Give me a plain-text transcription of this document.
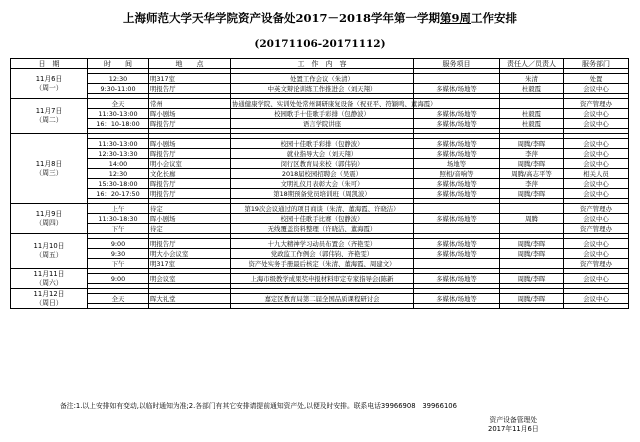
上海师范大学天华学院资产设备处2017－2018学年第一学期第9周工作安排
(20171106-20171112)
日　期	时　　间	地　　点	工　作　内　容	服务项目	责任人／员责人	服务部门
11月6日
（周一）						
	12:30	明317室	处置工作会议（朱清）		朱清	处置
	9:30-11:00	明报告厅	中英文辩论训练工作推进会（刘天翔）	多媒体/场地等	杜毅霞	会议中心

11月7日
（周二）	全天	常州	协通健康学院、实训处处常州调研康复设备（祝亚平、符颖鸣、董海霞）			资产管理办
	11:30-13:00	晖小剧场	校园歌手十佳歌手彩排（包静波）	多媒体/场地等	杜毅霞	会议中心
	16：10-18:00	晖报告厅	语言学院讲座	多媒体/场地等	杜毅霞	会议中心

11月8日
（周三）						
	11:30-13:00	晖小剧场	校园十佳歌手彩排（包静波）	多媒体/场地等	周腾/李晖	会议中心
	12:30-13:30	晖报告厅	就业指导大会（刘天翔）	多媒体/场地等	李萍	会议中心
	14:00	明小会议室	闵行区教育局来校（郭伟钧）	场地等	周腾/李晖	会议中心
	12:30	文化长廊	2018届校园招聘会（吴震）	照相/音响等	周腾/高志平等	相关人员
	15:30-18:00	晖报告厅	文明礼仪月表彰大会（朱可）	多媒体/场地等	李萍	会议中心
	16：20-17:50	明报告厅	第18期预备党员培训班（周凯波）	多媒体/场地等	周腾/李晖	会议中心

11月9日
（周四）	上午	待定	第19次会议通过的项目商谈（朱清、董海霞、许晓洁）			资产管理办
	11:30-18:30	晖小剧场	校园十佳歌手比赛（包静波）	多媒体/场地等	周腾	会议中心
	下午	待定	无线覆盖资料整理（许晓洁、董海霞）			资产管理办
11月10日
（周五）						
	9:00	明报告厅	十九大精神学习动员布置会（齐艳雯）	多媒体/场地等	周腾/李晖	会议中心
	9:30	明大小会议室	党政监工作例会（郭伟钧、齐艳雯）	多媒体/场地等	周腾/李晖	会议中心
	下午	明317室	资产处实务手册最后核定（朱清、董海霞、周建文）			资产管理办
11月11日
（周六）						
	9:00	明会议室	上海市级教学成果奖申报材料审定专家指导会(陈新	多媒体/场地等	周腾/李晖	会议中心

11月12日
（周日）						
	全天	晖大礼堂	嘉定区教育局第二届全国品质课程研讨会	多媒体/场地等	周腾/李晖	会议中心

备注:1.以上安排如有变动,以临时通知为准;2.各部门有其它安排请提前通知资产处,以便及时安排。联系电话39966908　39966106
资产设备管理处
2017年11月6日
